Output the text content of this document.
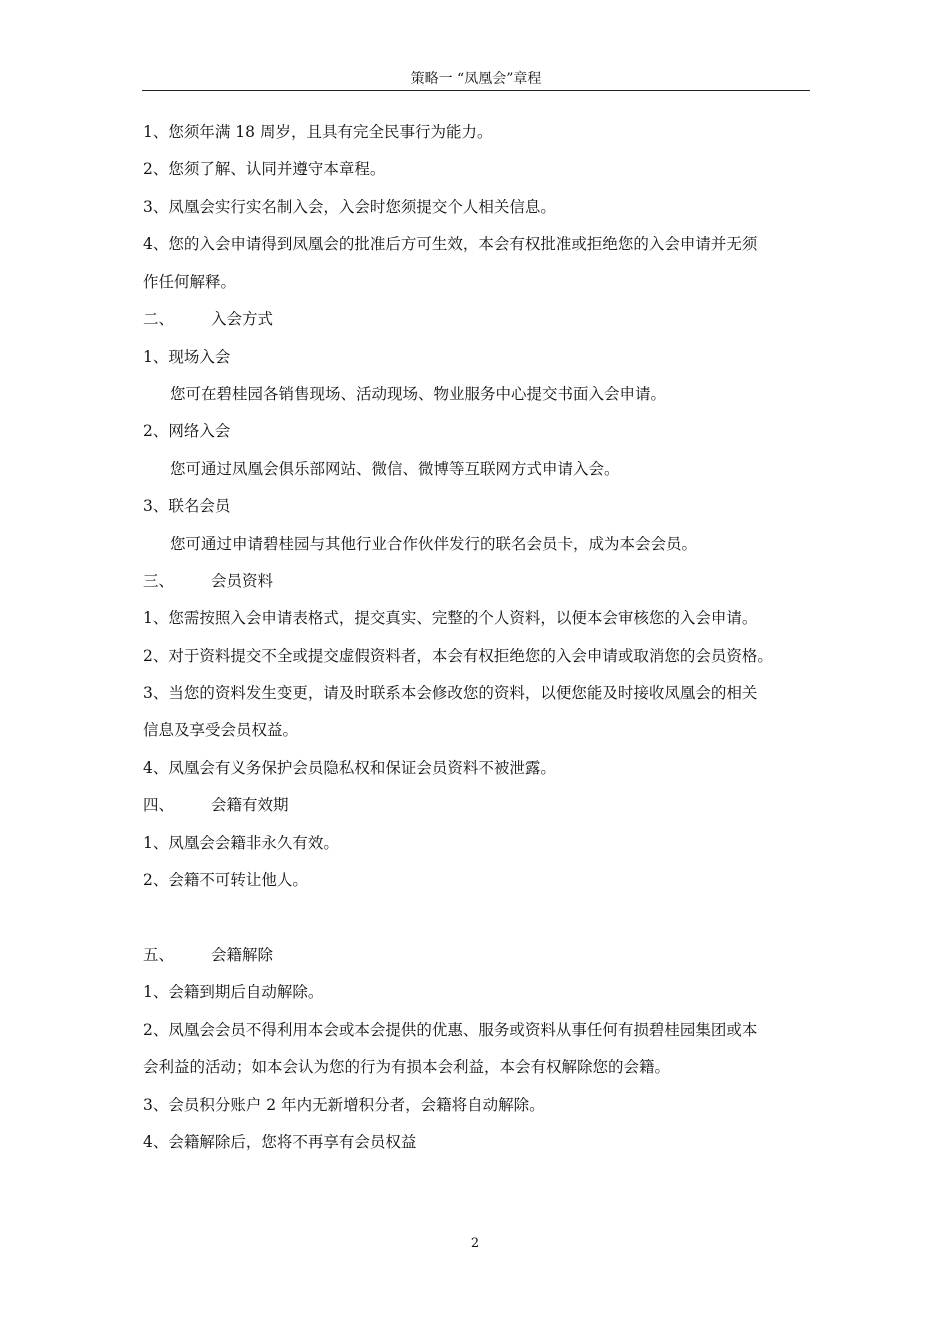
策略一 “凤凰会”章程
1、您须年满 18 周岁，且具有完全民事行为能力。
2、您须了解、认同并遵守本章程。
3、凤凰会实行实名制入会，入会时您须提交个人相关信息。
4、您的入会申请得到凤凰会的批准后方可生效，本会有权批准或拒绝您的入会申请并无须
作任何解释。
二、 入会方式
1、现场入会
您可在碧桂园各销售现场、活动现场、物业服务中心提交书面入会申请。
2、网络入会
您可通过凤凰会俱乐部网站、微信、微博等互联网方式申请入会。
3、联名会员
您可通过申请碧桂园与其他行业合作伙伴发行的联名会员卡，成为本会会员。
三、 会员资料
1、您需按照入会申请表格式，提交真实、完整的个人资料，以便本会审核您的入会申请。
2、对于资料提交不全或提交虚假资料者，本会有权拒绝您的入会申请或取消您的会员资格。
3、当您的资料发生变更，请及时联系本会修改您的资料，以便您能及时接收凤凰会的相关
信息及享受会员权益。
4、凤凰会有义务保护会员隐私权和保证会员资料不被泄露。
四、 会籍有效期
1、凤凰会会籍非永久有效。
2、会籍不可转让他人。
五、 会籍解除
1、会籍到期后自动解除。
2、凤凰会会员不得利用本会或本会提供的优惠、服务或资料从事任何有损碧桂园集团或本
会利益的活动；如本会认为您的行为有损本会利益，本会有权解除您的会籍。
3、会员积分账户 2 年内无新增积分者，会籍将自动解除。
4、会籍解除后，您将不再享有会员权益
2
